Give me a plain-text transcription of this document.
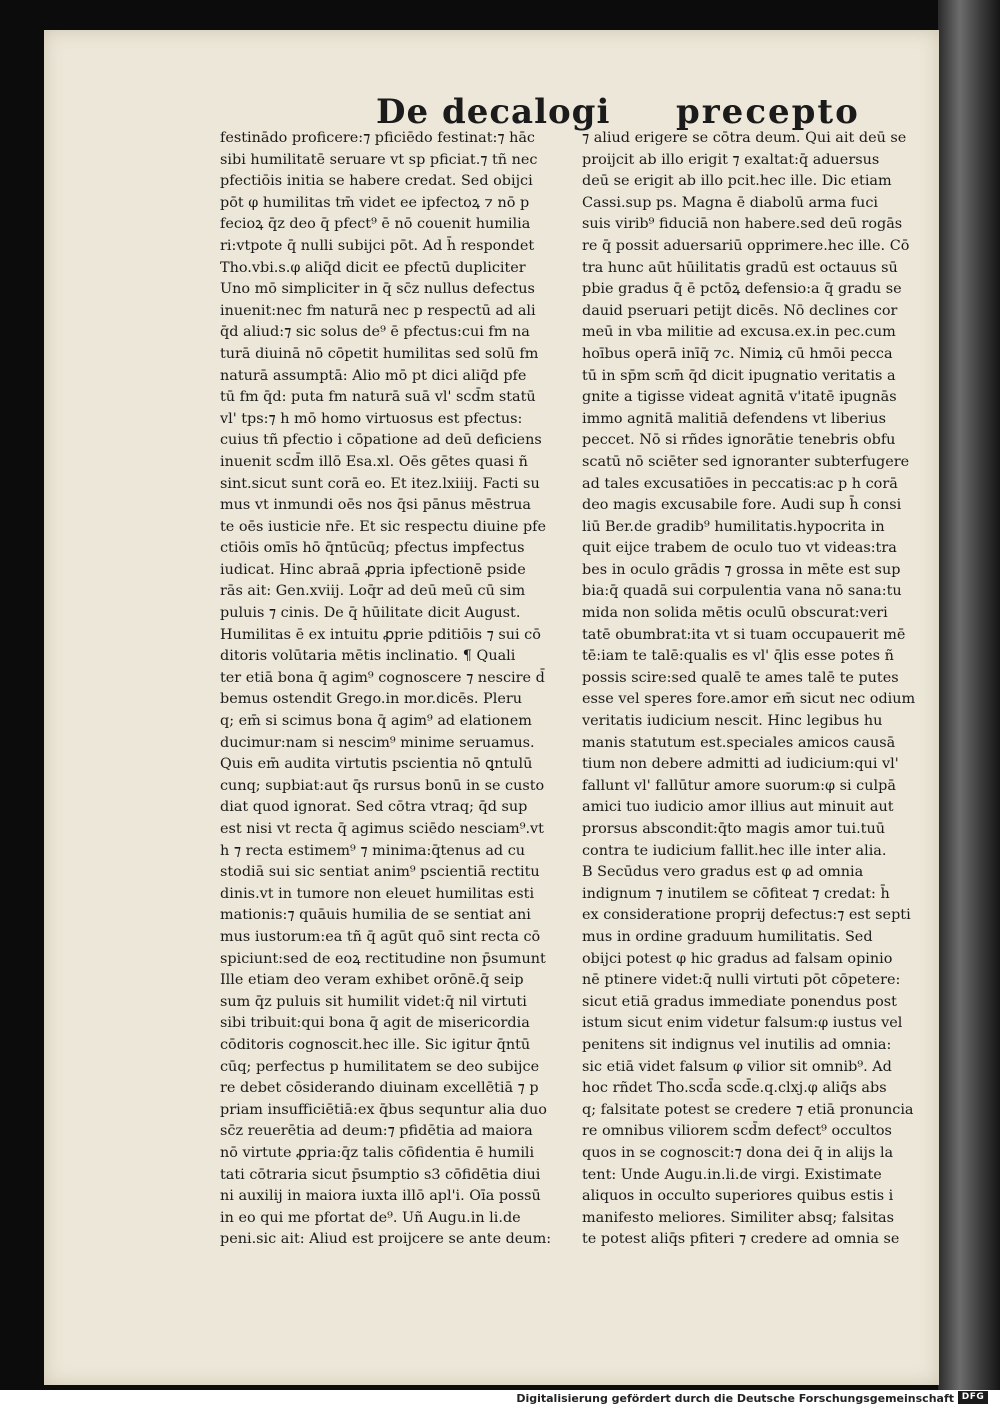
De decalogi precepto
festinādo proficere:⁊ pficiēdo festinat:⁊ hāc
sibi humilitatē seruare vt sp pficiat.⁊ tñ nec
pfectiōis initia se habere credat. Sed obijci
pōt φ humilitas tm̄ videt ee ipfectoꝝ ⁊ nō p
fecioꝝ q̄z deo q̄ pfect⁹ ē nō couenit humilia
ri:vtpote q̄ nulli subijci pōt. Ad h̄ respondet
Tho.vbi.s.φ aliq̄d dicit ee pfectū dupliciter
Uno mō simpliciter in q̄ sc̄z nullus defectus
inuenit:nec fm naturā nec p respectū ad ali
q̄d aliud:⁊ sic solus de⁹ ē pfectus:cui fm na
turā diuinā nō cōpetit humilitas sed solū fm
naturā assumptā: Alio mō pt dici aliq̄d pfe
tū fm q̄d: puta fm naturā suā vl' scd̄m statū
vl' tps:⁊ h mō homo virtuosus est pfectus:
cuius tñ pfectio i cōpatione ad deū deficiens
inuenit scd̄m illō Esa.xl. Oēs gētes quasi ñ
sint.sicut sunt corā eo. Et itez.lxiiij. Facti su
mus vt inmundi oēs nos q̄si pānus mēstrua
te oēs iusticie nr̄e. Et sic respectu diuine pfe
ctiōis omīs hō q̄ntūcūq; pfectus impfectus
iudicat. Hinc abraā ꝓpria ipfectionē pside
rās ait: Gen.xviij. Loq̄r ad deū meū cū sim
puluis ⁊ cinis. De q̄ hūilitate dicit August.
Humilitas ē ex intuitu ꝓprie pditiōis ⁊ sui cō
ditoris volūtaria mētis inclinatio. ¶ Quali
ter etiā bona q̄ agim⁹ cognoscere ⁊ nescire d̄
bemus ostendit Grego.in mor.dicēs. Pleru
q; em̄ si scimus bona q̄ agim⁹ ad elationem
ducimur:nam si nescim⁹ minime seruamus.
Quis em̄ audita virtutis pscientia nō ꝗntulū
cunq; supbiat:aut q̄s rursus bonū in se custo
diat quod ignorat. Sed cōtra vtraq; q̄d sup
est nisi vt recta q̄ agimus sciēdo nesciam⁹.vt
h ⁊ recta estimem⁹ ⁊ minima:q̄tenus ad cu
stodiā sui sic sentiat anim⁹ pscientiā rectitu
dinis.vt in tumore non eleuet humilitas esti
mationis:⁊ quāuis humilia de se sentiat ani
mus iustorum:ea tñ q̄ agūt quō sint recta cō
spiciunt:sed de eoꝝ rectitudine non p̄sumunt
Ille etiam deo veram exhibet orōnē.q̄ seip
sum q̄z puluis sit humilit videt:q̄ nil virtuti
sibi tribuit:qui bona q̄ agit de misericordia
cōditoris cognoscit.hec ille. Sic igitur q̄ntū
cūq; perfectus p humilitatem se deo subijce
re debet cōsiderando diuinam excellētiā ⁊ p
priam insufficiētiā:ex q̄bus sequntur alia duo
sc̄z reuerētia ad deum:⁊ pfidētia ad maiora
nō virtute ꝓpria:q̄z talis cōfidentia ē humili
tati cōtraria sicut p̄sumptio s3 cōfidētia diui
ni auxilij in maiora iuxta illō apl'i. Oīa possū
in eo qui me pfortat de⁹. Uñ Augu.in li.de
peni.sic ait: Aliud est proijcere se ante deum:
⁊ aliud erigere se cōtra deum. Qui ait deū se
proijcit ab illo erigit ⁊ exaltat:q̄ aduersus
deū se erigit ab illo pcit.hec ille. Dic etiam
Cassi.sup ps. Magna ē diabolū arma fuci
suis virib⁹ fiduciā non habere.sed deū rogās
re q̄ possit aduersariū opprimere.hec ille. Cō
tra hunc aūt hūilitatis gradū est octauus sū
pbie gradus q̄ ē pctōꝝ defensio:a q̄ gradu se
dauid pseruari petijt dicēs. Nō declines cor
meū in vba militie ad excusa.ex.in pec.cum
hoībus operā inīq̄ ⁊c. Nimiꝝ cū hmōi pecca
tū in sp̄m scm̄ q̄d dicit ipugnatio veritatis a
gnite a tigisse videat agnitā v'itatē ipugnās
immo agnitā malitiā defendens vt liberius
peccet. Nō si rñdes ignorātie tenebris obfu
scatū nō sciēter sed ignoranter subterfugere
ad tales excusatiōes in peccatis:ac p h corā
deo magis excusabile fore. Audi sup h̄ consi
liū Ber.de gradib⁹ humilitatis.hypocrita in
quit eijce trabem de oculo tuo vt videas:tra
bes in oculo grādis ⁊ grossa in mēte est sup
bia:q̄ quadā sui corpulentia vana nō sana:tu
mida non solida mētis oculū obscurat:veri
tatē obumbrat:ita vt si tuam occupauerit mē
tē:iam te talē:qualis es vl' q̄lis esse potes ñ
possis scire:sed qualē te ames talē te putes
esse vel speres fore.amor em̄ sicut nec odium
veritatis iudicium nescit. Hinc legibus hu
manis statutum est.speciales amicos causā
tium non debere admitti ad iudicium:qui vl'
fallunt vl' fallūtur amore suorum:φ si culpā
amici tuo iudicio amor illius aut minuit aut
prorsus abscondit:q̄to magis amor tui.tuū
contra te iudicium fallit.hec ille inter alia.
B Secūdus vero gradus est φ ad omnia
indignum ⁊ inutilem se cōfiteat ⁊ credat: h̄
ex consideratione proprij defectus:⁊ est septi
mus in ordine graduum humilitatis. Sed
obijci potest φ hic gradus ad falsam opinio
nē ptinere videt:q̄ nulli virtuti pōt cōpetere:
sicut etiā gradus immediate ponendus post
istum sicut enim videtur falsum:φ iustus vel
penitens sit indignus vel inutilis ad omnia:
sic etiā videt falsum φ vilior sit omnib⁹. Ad
hoc rñdet Tho.scd̄a scd̄e.q.clxj.φ aliq̄s abs
q; falsitate potest se credere ⁊ etiā pronuncia
re omnibus viliorem scd̄m defect⁹ occultos
quos in se cognoscit:⁊ dona dei q̄ in alijs la
tent: Unde Augu.in.li.de virgi. Existimate
aliquos in occulto superiores quibus estis i
manifesto meliores. Similiter absq; falsitas
te potest aliq̄s pfiteri ⁊ credere ad omnia se
Digitalisierung gefördert durch die Deutsche Forschungsgemeinschaft DFG
